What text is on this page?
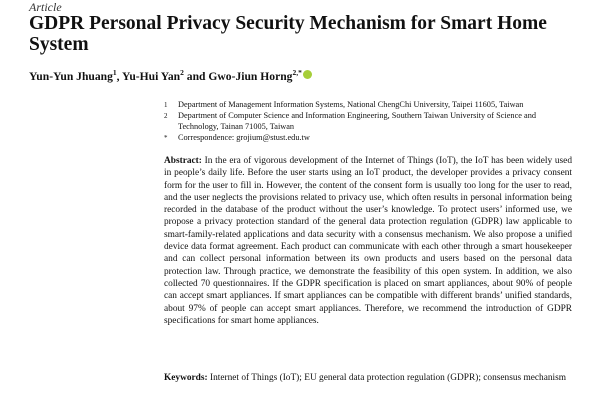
Article
GDPR Personal Privacy Security Mechanism for Smart Home System
Yun-Yun Jhuang$^1$, Yu-Hui Yan$^2$ and Gwo-Jiun Horng$^{2,*}$
1	Department of Management Information Systems, National ChengChi University, Taipei 11605, Taiwan
2	Department of Computer Science and Information Engineering, Southern Taiwan University of Science and Technology, Tainan 71005, Taiwan
*	Correspondence: grojium@stust.edu.tw
Abstract: In the era of vigorous development of the Internet of Things (IoT), the IoT has been widely used in people’s daily life. Before the user starts using an IoT product, the developer provides a privacy consent form for the user to fill in. However, the content of the consent form is usually too long for the user to read, and the user neglects the provisions related to privacy use, which often results in personal information being recorded in the database of the product without the user’s knowledge. To protect users’ informed use, we propose a privacy protection standard of the general data protection regulation (GDPR) law applicable to smart-family-related applications and data security with a consensus mechanism. We also propose a unified device data format agreement. Each product can communicate with each other through a smart housekeeper and can collect personal information between its own products and users based on the personal data protection law. Through practice, we demonstrate the feasibility of this open system. In addition, we also collected 70 questionnaires. If the GDPR specification is placed on smart appliances, about 90% of people can accept smart appliances. If smart appliances can be compatible with different brands’ unified standards, about 97% of people can accept smart appliances. Therefore, we recommend the introduction of GDPR specifications for smart home appliances.
Keywords: Internet of Things (IoT); EU general data protection regulation (GDPR); consensus mechanism
